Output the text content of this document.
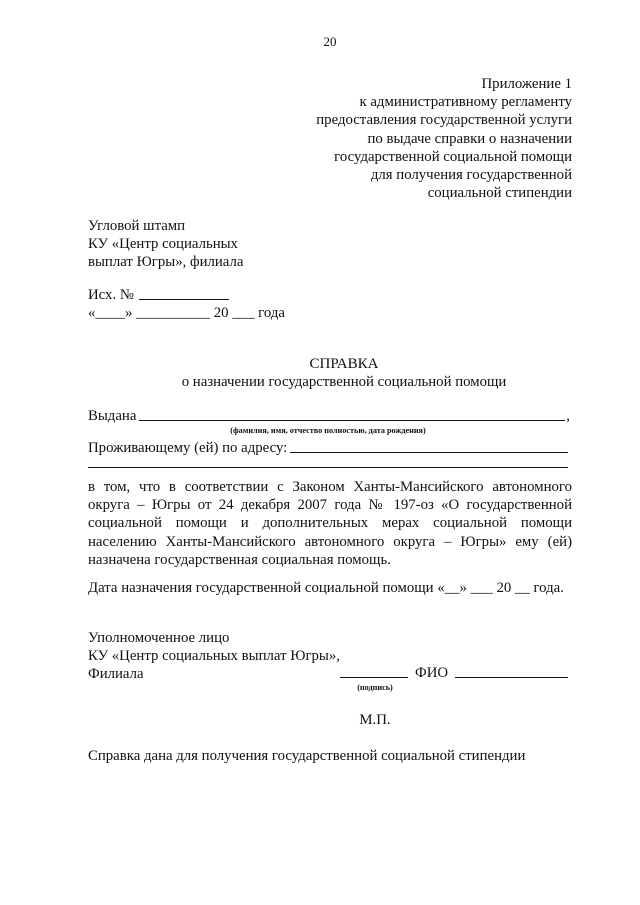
20
Приложение 1
к административному регламенту
предоставления государственной услуги
по выдаче справки о назначении
государственной социальной помощи
для получения государственной
социальной стипендии
Угловой штамп
КУ «Центр социальных
выплат Югры», филиала
Исх. №
«____» __________ 20 ___ года
СПРАВКА
о назначении государственной социальной помощи
Выдана	,
(фамилия, имя, отчество полностью, дата рождения)
Проживающему (ей) по адресу:
в том, что в соответствии с Законом Ханты-Мансийского автономного
округа – Югры от 24 декабря 2007 года № 197-оз «О государственной
социальной помощи и дополнительных мерах социальной помощи
населению Ханты-Мансийского автономного округа – Югры» ему (ей)
назначена государственная социальная помощь.
Дата назначения государственной социальной помощи «__» ___ 20 __ года.
Уполномоченное лицо
КУ «Центр социальных выплат Югры»,
Филиала	ФИО
(подпись)
М.П.
Справка дана для получения государственной социальной стипендии
